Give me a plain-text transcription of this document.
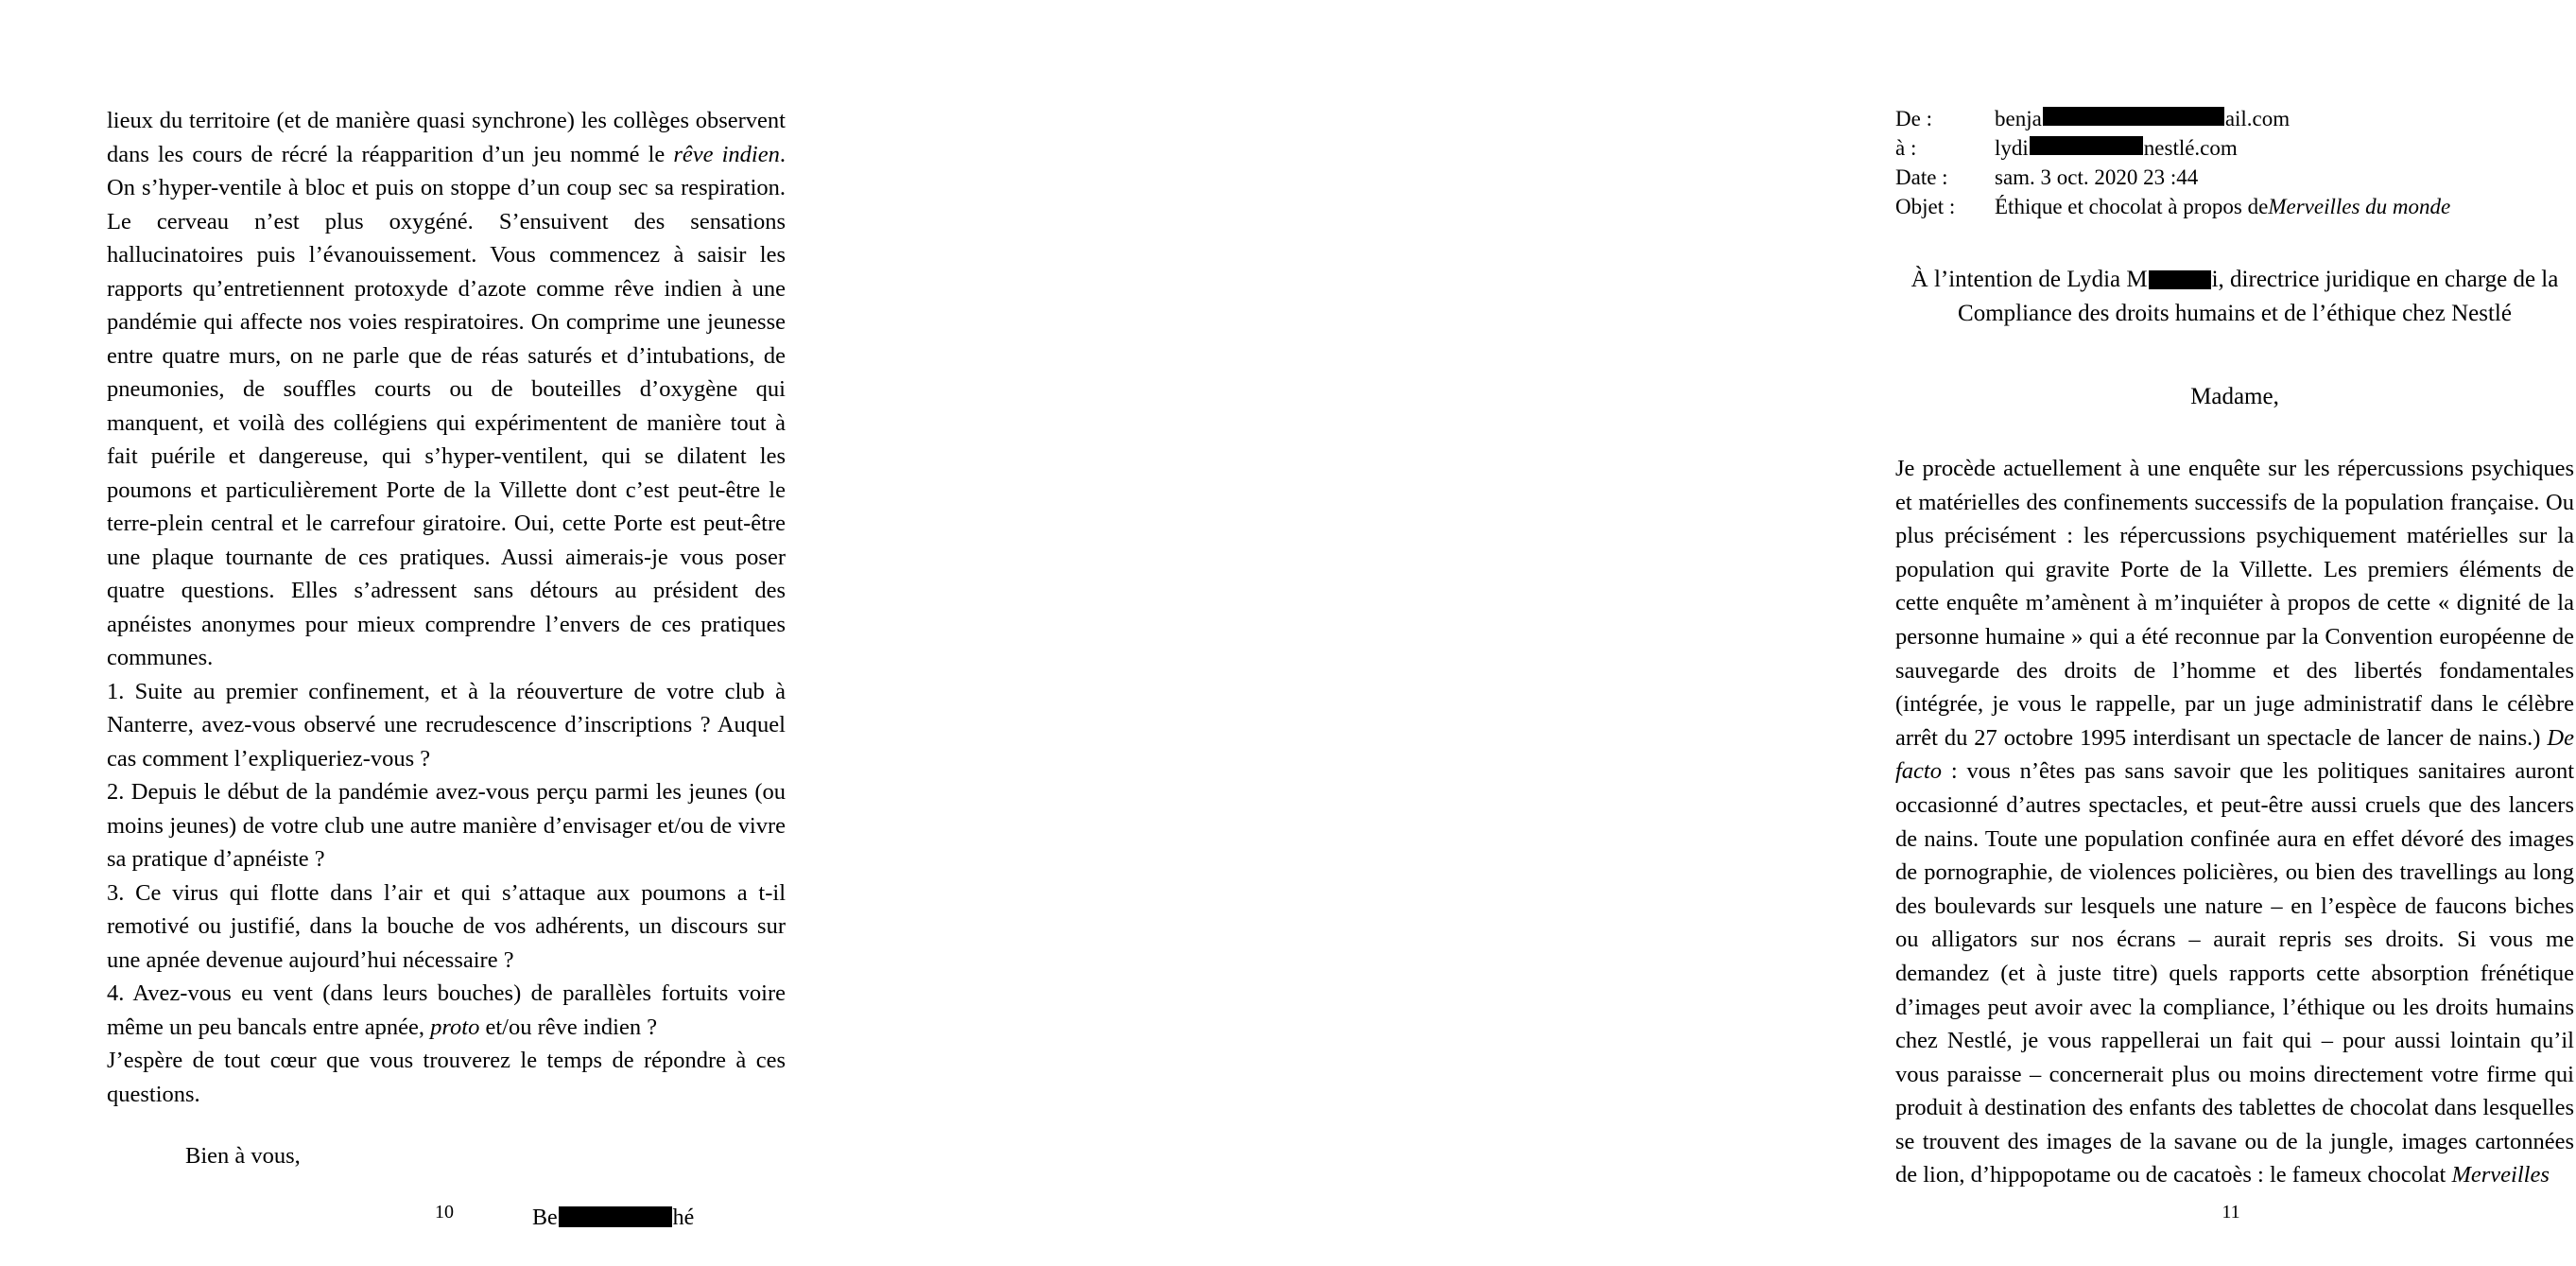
lieux du territoire (et de manière quasi synchrone) les collèges observent dans les cours de récré la réapparition d’un jeu nommé le rêve indien. On s’hyper-ventile à bloc et puis on stoppe d’un coup sec sa respiration. Le cerveau n’est plus oxygéné. S’ensuivent des sensations hallucinatoires puis l’évanouissement. Vous commencez à saisir les rapports qu’entretiennent protoxyde d’azote comme rêve indien à une pandémie qui affecte nos voies respiratoires. On comprime une jeunesse entre quatre murs, on ne parle que de réas saturés et d’intubations, de pneumonies, de souffles courts ou de bouteilles d’oxygène qui manquent, et voilà des collégiens qui expérimentent de manière tout à fait puérile et dangereuse, qui s’hyper-ventilent, qui se dilatent les poumons et particulièrement Porte de la Villette dont c’est peut-être le terre-plein central et le carrefour giratoire. Oui, cette Porte est peut-être une plaque tournante de ces pratiques. Aussi aimerais-je vous poser quatre questions. Elles s’adressent sans détours au président des apnéistes anonymes pour mieux comprendre l’envers de ces pratiques communes.

1. Suite au premier confinement, et à la réouverture de votre club à Nanterre, avez-vous observé une recrudescence d’inscriptions ? Auquel cas comment l’expliqueriez-vous ?

2. Depuis le début de la pandémie avez-vous perçu parmi les jeunes (ou moins jeunes) de votre club une autre manière d’envisager et/ou de vivre sa pratique d’apnéiste ?

3. Ce virus qui flotte dans l’air et qui s’attaque aux poumons a t-il remotivé ou justifié, dans la bouche de vos adhérents, un discours sur une apnée devenue aujourd’hui nécessaire ?

4. Avez-vous eu vent (dans leurs bouches) de parallèles fortuits voire même un peu bancals entre apnée, proto et/ou rêve indien ?

J’espère de tout cœur que vous trouverez le temps de répondre à ces questions.

Bien à vous,

Be	hé

10
De :	benja	ail.com
à :	lydi	nestlé.com
Date :	sam. 3 oct. 2020 23 :44
Objet :	Éthique et chocolat à propos de Merveilles du monde
À l’intention de Lydia M	i, directrice juridique en charge de la
Compliance des droits humains et de l’éthique chez Nestlé
Madame,

Je procède actuellement à une enquête sur les répercussions psychiques et matérielles des confinements successifs de la population française. Ou plus précisément : les répercussions psychiquement matérielles sur la population qui gravite Porte de la Villette. Les premiers éléments de cette enquête m’amènent à m’inquiéter à propos de cette « dignité de la personne humaine » qui a été reconnue par la Convention européenne de sauvegarde des droits de l’homme et des libertés fondamentales (intégrée, je vous le rappelle, par un juge administratif dans le célèbre arrêt du 27 octobre 1995 interdisant un spectacle de lancer de nains.) De facto : vous n’êtes pas sans savoir que les politiques sanitaires auront occasionné d’autres spectacles, et peut-être aussi cruels que des lancers de nains. Toute une population confinée aura en effet dévoré des images de pornographie, de violences policières, ou bien des travellings au long des boulevards sur lesquels une nature – en l’espèce de faucons biches ou alligators sur nos écrans – aurait repris ses droits. Si vous me demandez (et à juste titre) quels rapports cette absorption frénétique d’images peut avoir avec la compliance, l’éthique ou les droits humains chez Nestlé, je vous rappellerai un fait qui – pour aussi lointain qu’il vous paraisse – concernerait plus ou moins directement votre firme qui produit à destination des enfants des tablettes de chocolat dans lesquelles se trouvent des images de la savane ou de la jungle, images cartonnées de lion, d’hippopotame ou de cacatoès : le fameux chocolat Merveilles

11
